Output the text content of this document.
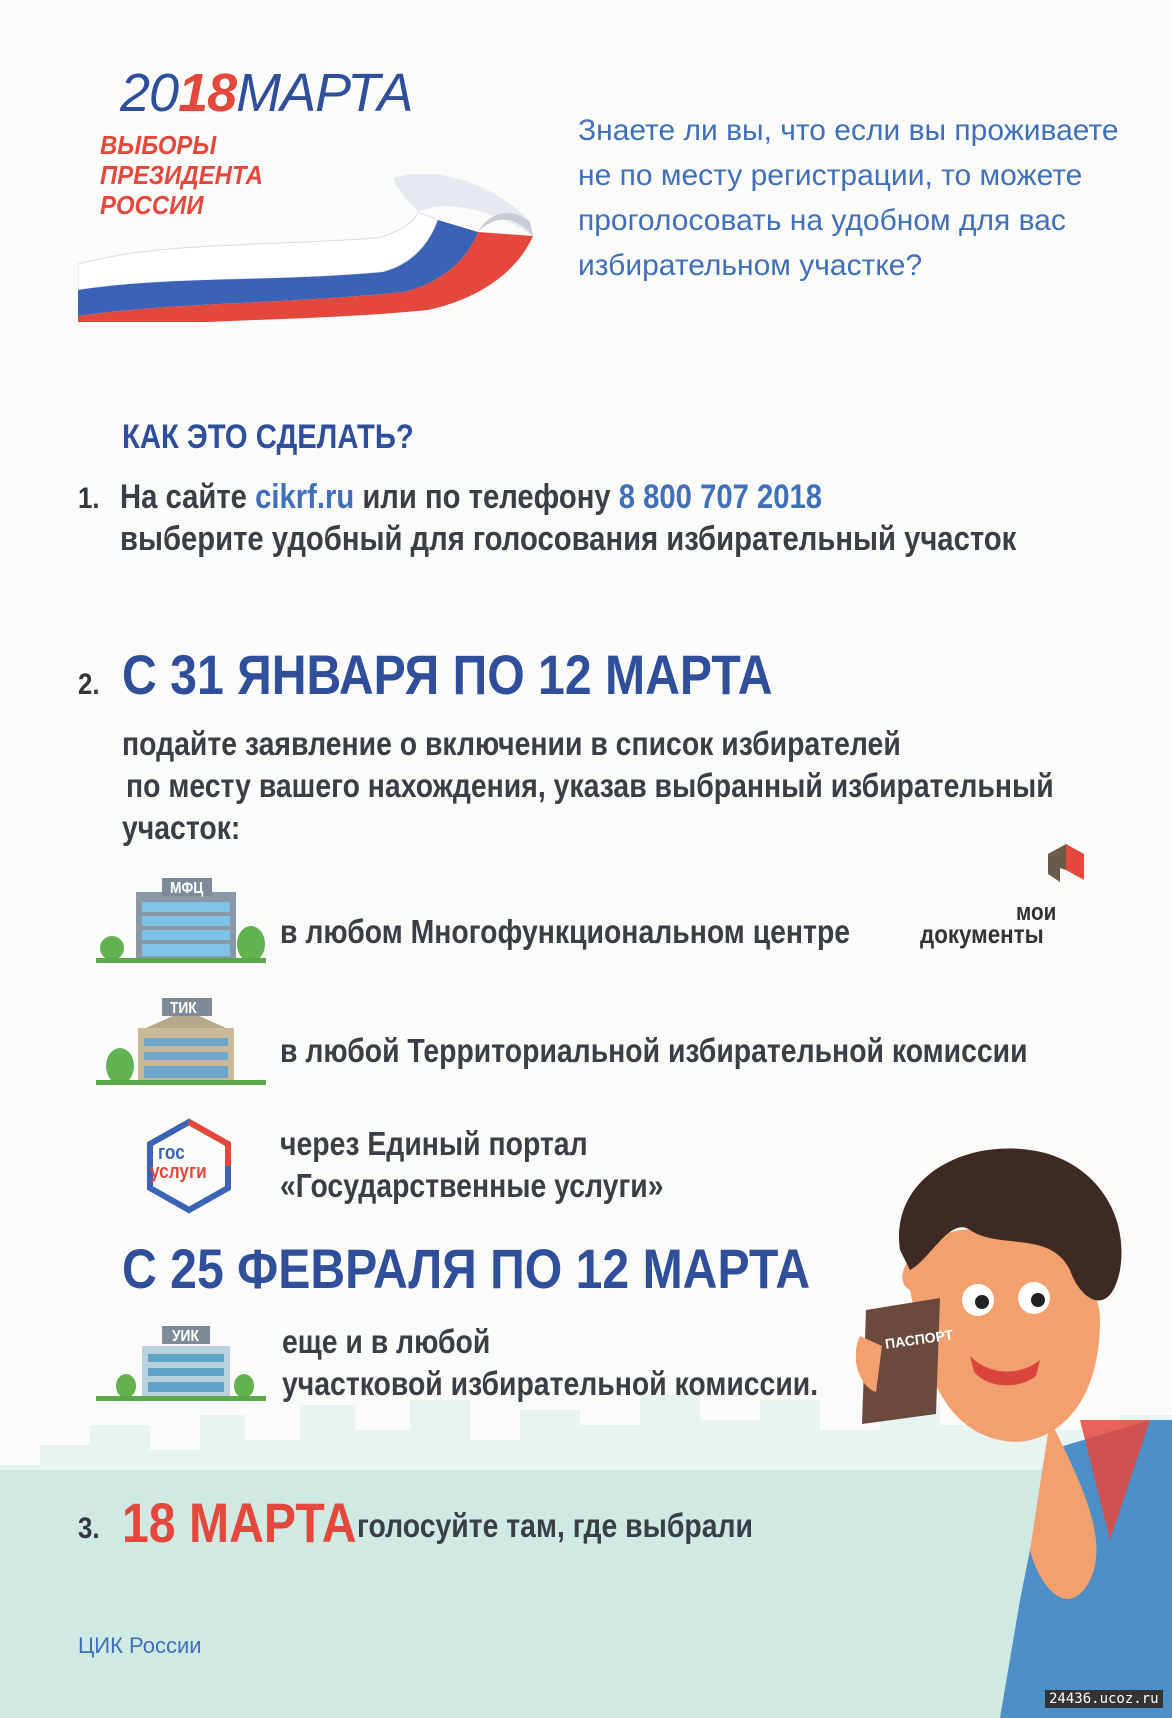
2018МАРТА
ВЫБОРЫ
ПРЕЗИДЕНТА
РОССИИ
Знаете ли вы, что если вы проживаете
не по месту регистрации, то можете
проголосовать на удобном для вас
избирательном участке?
КАК ЭТО СДЕЛАТЬ?
1. На сайте cikrf.ru или по телефону 8 800 707 2018
выберите удобный для голосования избирательный участок
2. С 31 ЯНВАРЯ ПО 12 МАРТА
подайте заявление о включении в список избирателей
по месту вашего нахождения, указав выбранный избирательный
участок:
МФЦ
в любом Многофункциональном центре
мои
документы
ТИК
в любой Территориальной избирательной комиссии
гос
услуги
через Единый портал
«Государственные услуги»
С 25 ФЕВРАЛЯ ПО 12 МАРТА
УИК	еще и в любой
участковой избирательной комиссии.
ПАСПОРТ
3. 18 МАРТА голосуйте там, где выбрали
ЦИК России
24436.ucoz.ru
